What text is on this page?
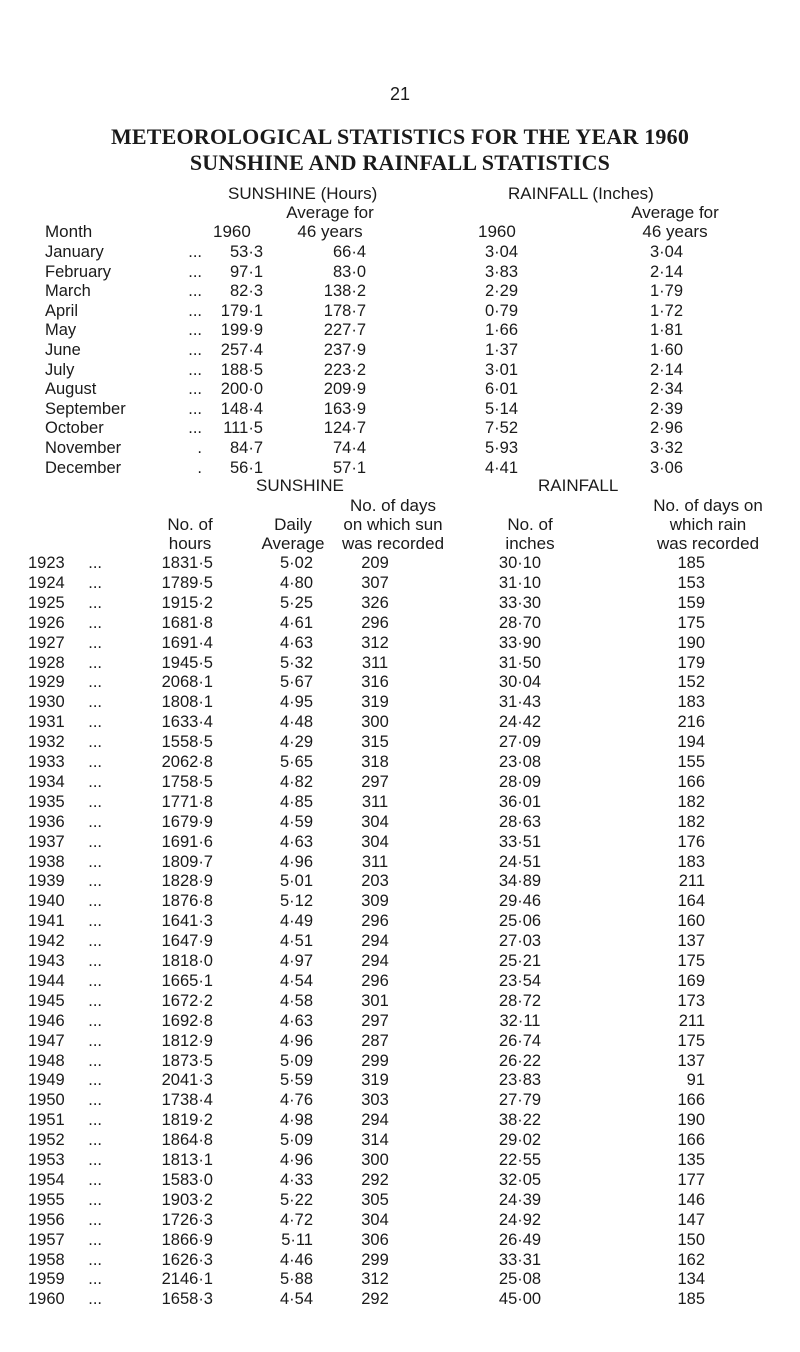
21
METEOROLOGICAL STATISTICS FOR THE YEAR 1960
SUNSHINE AND RAINFALL STATISTICS
SUNSHINE (Hours)	RAINFALL (Inches)
Average for	Average for
Month	1960	46 years	1960	46 years
January	...	53·3	66·4	3·04	3·04
February	...	97·1	83·0	3·83	2·14
March	...	82·3	138·2	2·29	1·79
April	...	179·1	178·7	0·79	1·72
May	...	199·9	227·7	1·66	1·81
June	...	257·4	237·9	1·37	1·60
July	...	188·5	223·2	3·01	2·14
August	...	200·0	209·9	6·01	2·34
September	...	148·4	163·9	5·14	2·39
October	...	111·5	124·7	7·52	2·96
November	.	84·7	74·4	5·93	3·32
December	.	56·1	57·1	4·41	3·06
SUNSHINE	RAINFALL
No. of days	No. of days on
No. of	Daily	on which sun	No. of	which rain
hours	Average	was recorded	inches	was recorded
1923	...	1831·5	5·02	209	30·10	185
1924	...	1789·5	4·80	307	31·10	153
1925	...	1915·2	5·25	326	33·30	159
1926	...	1681·8	4·61	296	28·70	175
1927	...	1691·4	4·63	312	33·90	190
1928	...	1945·5	5·32	311	31·50	179
1929	...	2068·1	5·67	316	30·04	152
1930	...	1808·1	4·95	319	31·43	183
1931	...	1633·4	4·48	300	24·42	216
1932	...	1558·5	4·29	315	27·09	194
1933	...	2062·8	5·65	318	23·08	155
1934	...	1758·5	4·82	297	28·09	166
1935	...	1771·8	4·85	311	36·01	182
1936	...	1679·9	4·59	304	28·63	182
1937	...	1691·6	4·63	304	33·51	176
1938	...	1809·7	4·96	311	24·51	183
1939	...	1828·9	5·01	203	34·89	211
1940	...	1876·8	5·12	309	29·46	164
1941	...	1641·3	4·49	296	25·06	160
1942	...	1647·9	4·51	294	27·03	137
1943	...	1818·0	4·97	294	25·21	175
1944	...	1665·1	4·54	296	23·54	169
1945	...	1672·2	4·58	301	28·72	173
1946	...	1692·8	4·63	297	32·11	211
1947	...	1812·9	4·96	287	26·74	175
1948	...	1873·5	5·09	299	26·22	137
1949	...	2041·3	5·59	319	23·83	91
1950	...	1738·4	4·76	303	27·79	166
1951	...	1819·2	4·98	294	38·22	190
1952	...	1864·8	5·09	314	29·02	166
1953	...	1813·1	4·96	300	22·55	135
1954	...	1583·0	4·33	292	32·05	177
1955	...	1903·2	5·22	305	24·39	146
1956	...	1726·3	4·72	304	24·92	147
1957	...	1866·9	5·11	306	26·49	150
1958	...	1626·3	4·46	299	33·31	162
1959	...	2146·1	5·88	312	25·08	134
1960	...	1658·3	4·54	292	45·00	185
